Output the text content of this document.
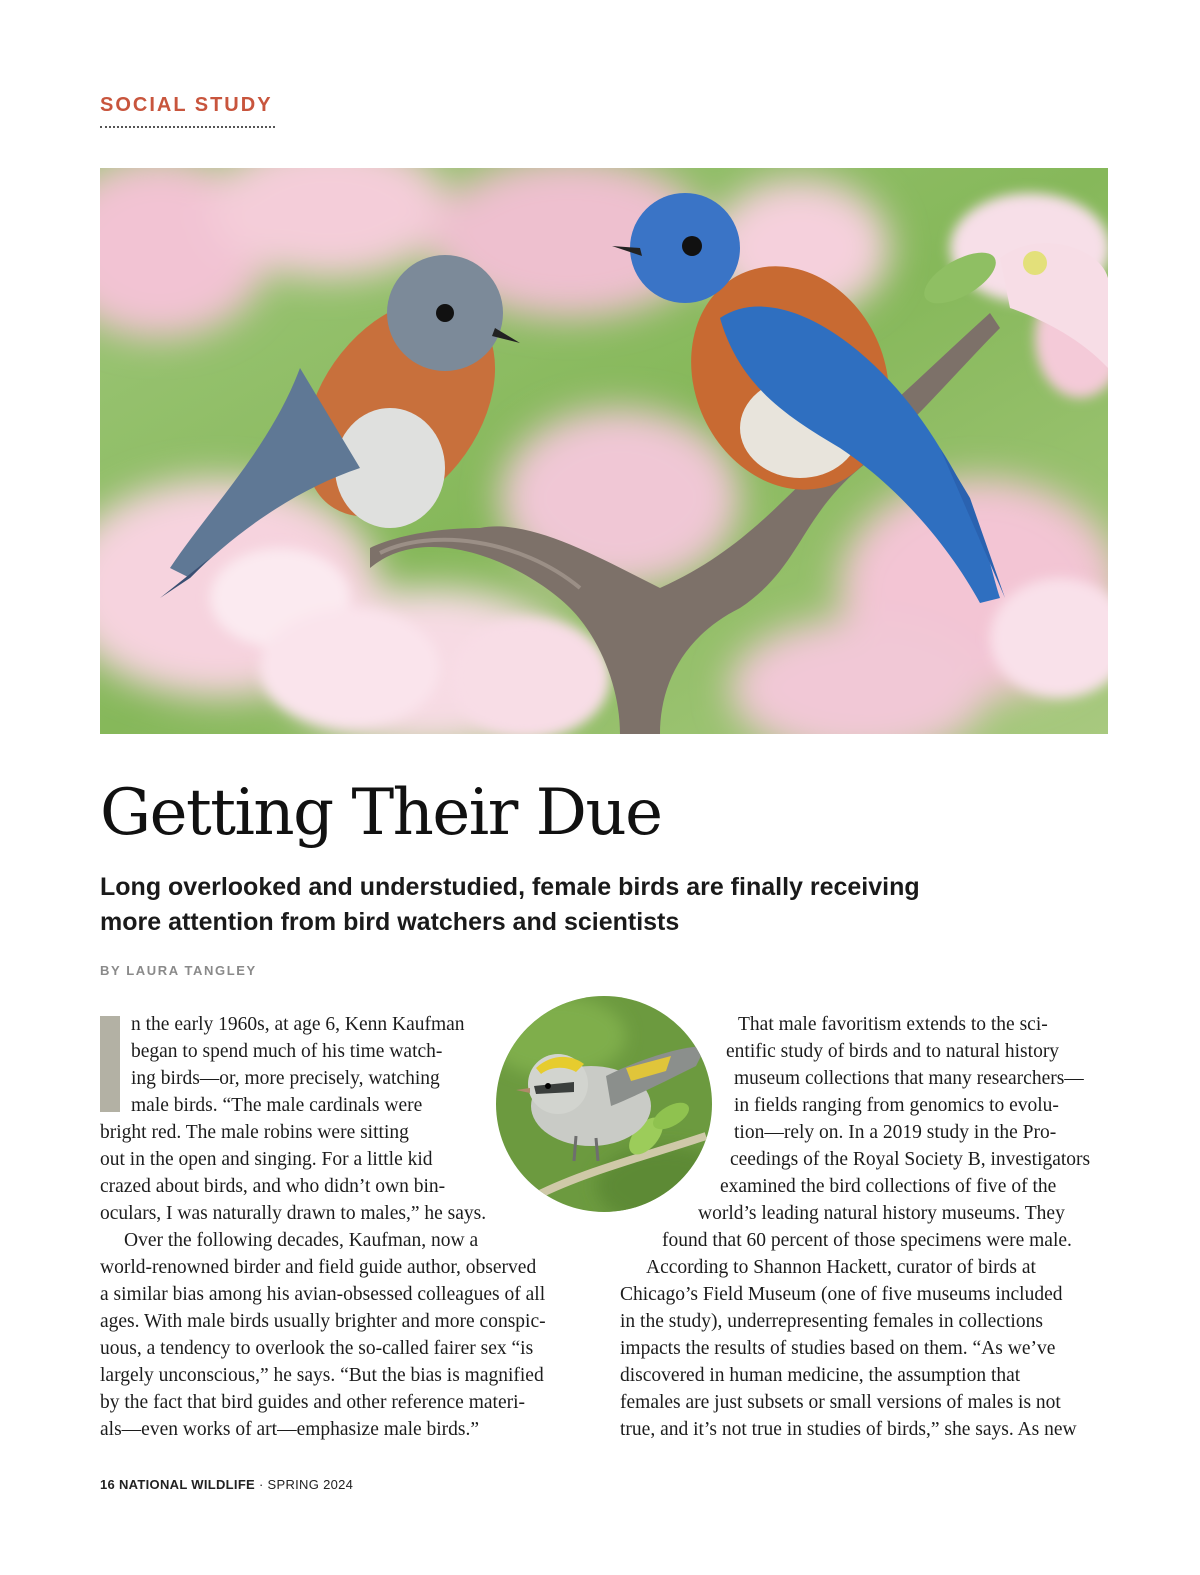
SOCIAL STUDY
Getting Their Due
Long overlooked and understudied, female birds are finally receiving
more attention from bird watchers and scientists
BY LAURA TANGLEY
n the early 1960s, at age 6, Kenn Kaufman
began to spend much of his time watch-
ing birds—or, more precisely, watching
male birds. “The male cardinals were
bright red. The male robins were sitting
out in the open and singing. For a little kid
crazed about birds, and who didn’t own bin-
oculars, I was naturally drawn to males,” he says.
Over the following decades, Kaufman, now a
world-renowned birder and field guide author, observed
a similar bias among his avian-obsessed colleagues of all
ages. With male birds usually brighter and more conspic-
uous, a tendency to overlook the so-called fairer sex “is
largely unconscious,” he says. “But the bias is magnified
by the fact that bird guides and other reference materi-
als—even works of art—emphasize male birds.”
That male favoritism extends to the sci-
entific study of birds and to natural history
museum collections that many researchers—
in fields ranging from genomics to evolu-
tion—rely on. In a 2019 study in the Pro-
ceedings of the Royal Society B, investigators
examined the bird collections of five of the
world’s leading natural history museums. They
found that 60 percent of those specimens were male.
According to Shannon Hackett, curator of birds at
Chicago’s Field Museum (one of five museums included
in the study), underrepresenting females in collections
impacts the results of studies based on them. “As we’ve
discovered in human medicine, the assumption that
females are just subsets or small versions of males is not
true, and it’s not true in studies of birds,” she says. As new
16 NATIONAL WILDLIFE · SPRING 2024
